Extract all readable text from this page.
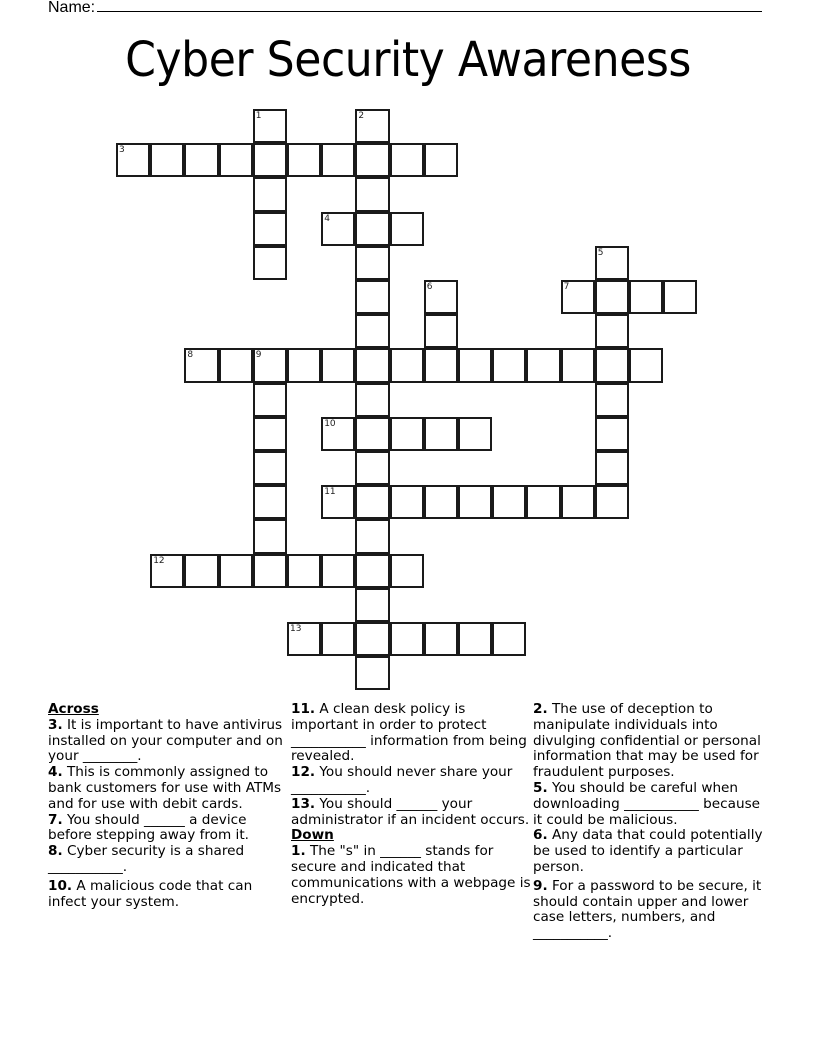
Name:
Cyber Security Awareness
1	2
3
4
5
6	7
8	9
10
11
12
13
Across

3. It is important to have antivirus installed on your computer and on your ________.

4. This is commonly assigned to bank customers for use with ATMs and for use with debit cards.

7. You should ______ a device before stepping away from it.

8. Cyber security is a shared ___________.

10. A malicious code that can infect your system.

11. A clean desk policy is important in order to protect ___________ information from being revealed.

12. You should never share your ___________.

13. You should ______ your administrator if an incident occurs.

Down

1. The "s" in ______ stands for secure and indicated that communications with a webpage is encrypted.

2. The use of deception to manipulate individuals into divulging confidential or personal information that may be used for fraudulent purposes.

5. You should be careful when downloading ___________ because it could be malicious.

6. Any data that could potentially be used to identify a particular person.

9. For a password to be secure, it should contain upper and lower case letters, numbers, and ___________.
